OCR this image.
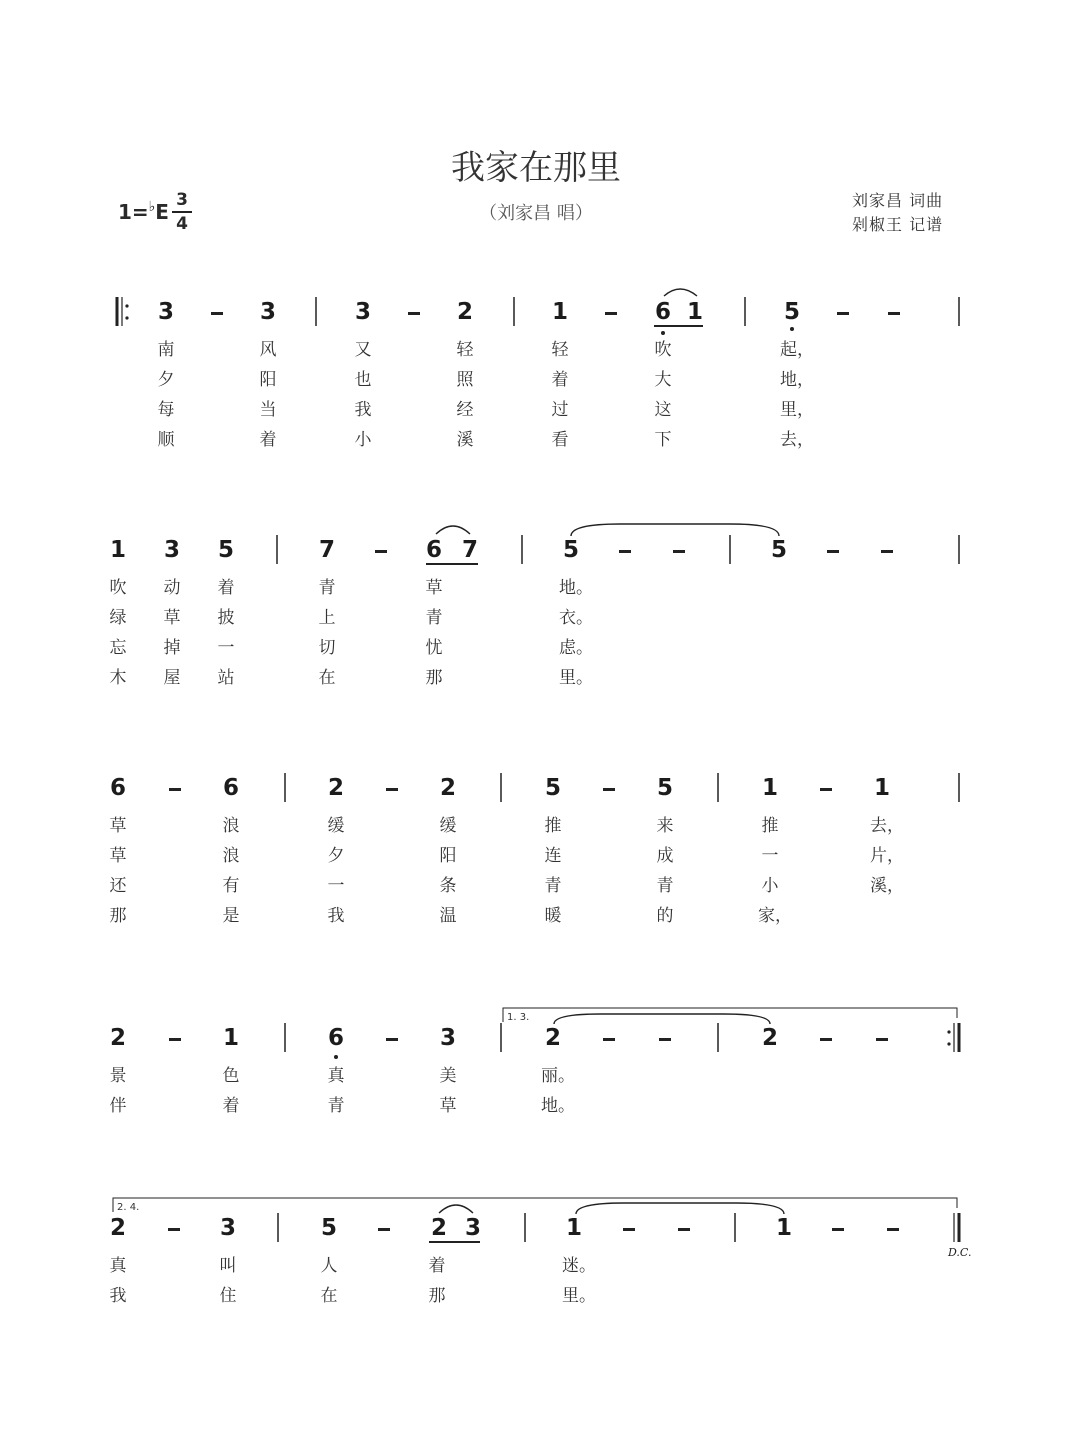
我家在那里
（刘家昌 唱）
刘家昌 词曲
剁椒王 记谱
1=♭E 3
4
3	3	3	2	1	6 1	5
南	风	又	轻	轻	吹	起，
夕	阳	也	照	着	大	地，
每	当	我	经	过	这	里，
顺	着	小	溪	看	下	去，
1 3 5	7	6 7	5	5
吹 动 着	青	草	地。
绿 草 披	上	青	衣。
忘 掉 一	切	忧	虑。
木 屋 站	在	那	里。
6	6	2	2	5	5	1	1
草	浪	缓	缓	推	来	推	去，
草	浪	夕	阳	连	成	一	片，
还	有	一	条	青	青	小	溪，
那	是	我	温	暖	的	家，
2	1	6	3	2	2
景	色	真	美	丽。
伴	着	青	草	地。
2	3	5	2 3	1	1
真	叫	人	着	迷。
我	住	在	那	里。
1. 3.
2. 4.
D.C.
